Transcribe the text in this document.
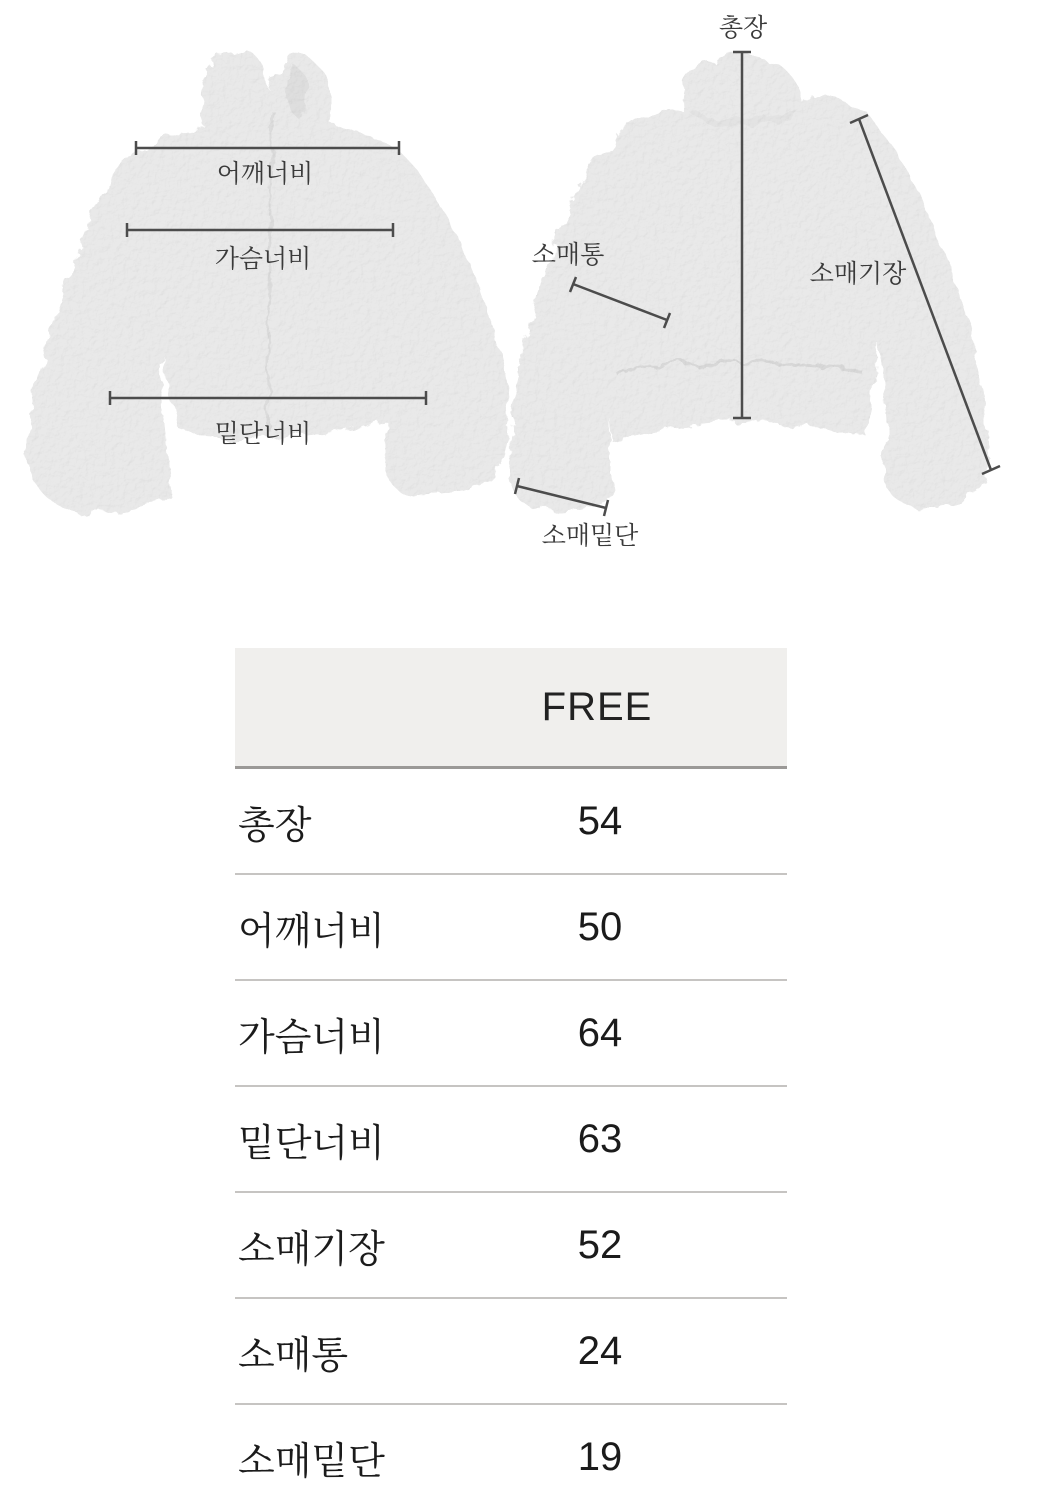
어깨너비
가슴너비
밑단너비
총장
소매통
소매기장
소매밑단
FREE
총장	54
어깨너비	50
가슴너비	64
밑단너비	63
소매기장	52
소매통	24
소매밑단	19
